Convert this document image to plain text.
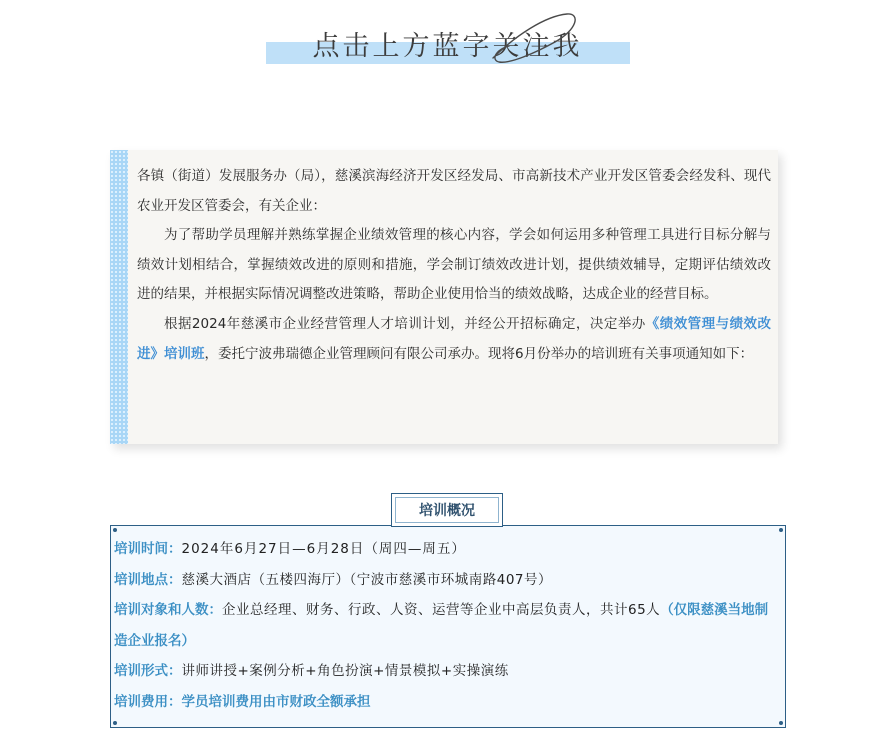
点击上方蓝字关注我

各镇（街道）发展服务办（局），慈溪滨海经济开发区经发局、市高新技术产业开发区管委会经发科、现代农业开发区管委会，有关企业：

为了帮助学员理解并熟练掌握企业绩效管理的核心内容，学会如何运用多种管理工具进行目标分解与绩效计划相结合，掌握绩效改进的原则和措施，学会制订绩效改进计划，提供绩效辅导，定期评估绩效改进的结果，并根据实际情况调整改进策略，帮助企业使用恰当的绩效战略，达成企业的经营目标。

根据2024年慈溪市企业经营管理人才培训计划，并经公开招标确定，决定举办《绩效管理与绩效改进》培训班，委托宁波弗瑞德企业管理顾问有限公司承办。现将6月份举办的培训班有关事项通知如下：

培训概况

培训时间：2024年6月27日—6月28日（周四—周五）

培训地点：慈溪大酒店（五楼四海厅）（宁波市慈溪市环城南路407号）

培训对象和人数：企业总经理、财务、行政、人资、运营等企业中高层负责人，共计65人（仅限慈溪当地制造企业报名）

培训形式：讲师讲授+案例分析+角色扮演+情景模拟+实操演练

培训费用：学员培训费用由市财政全额承担
